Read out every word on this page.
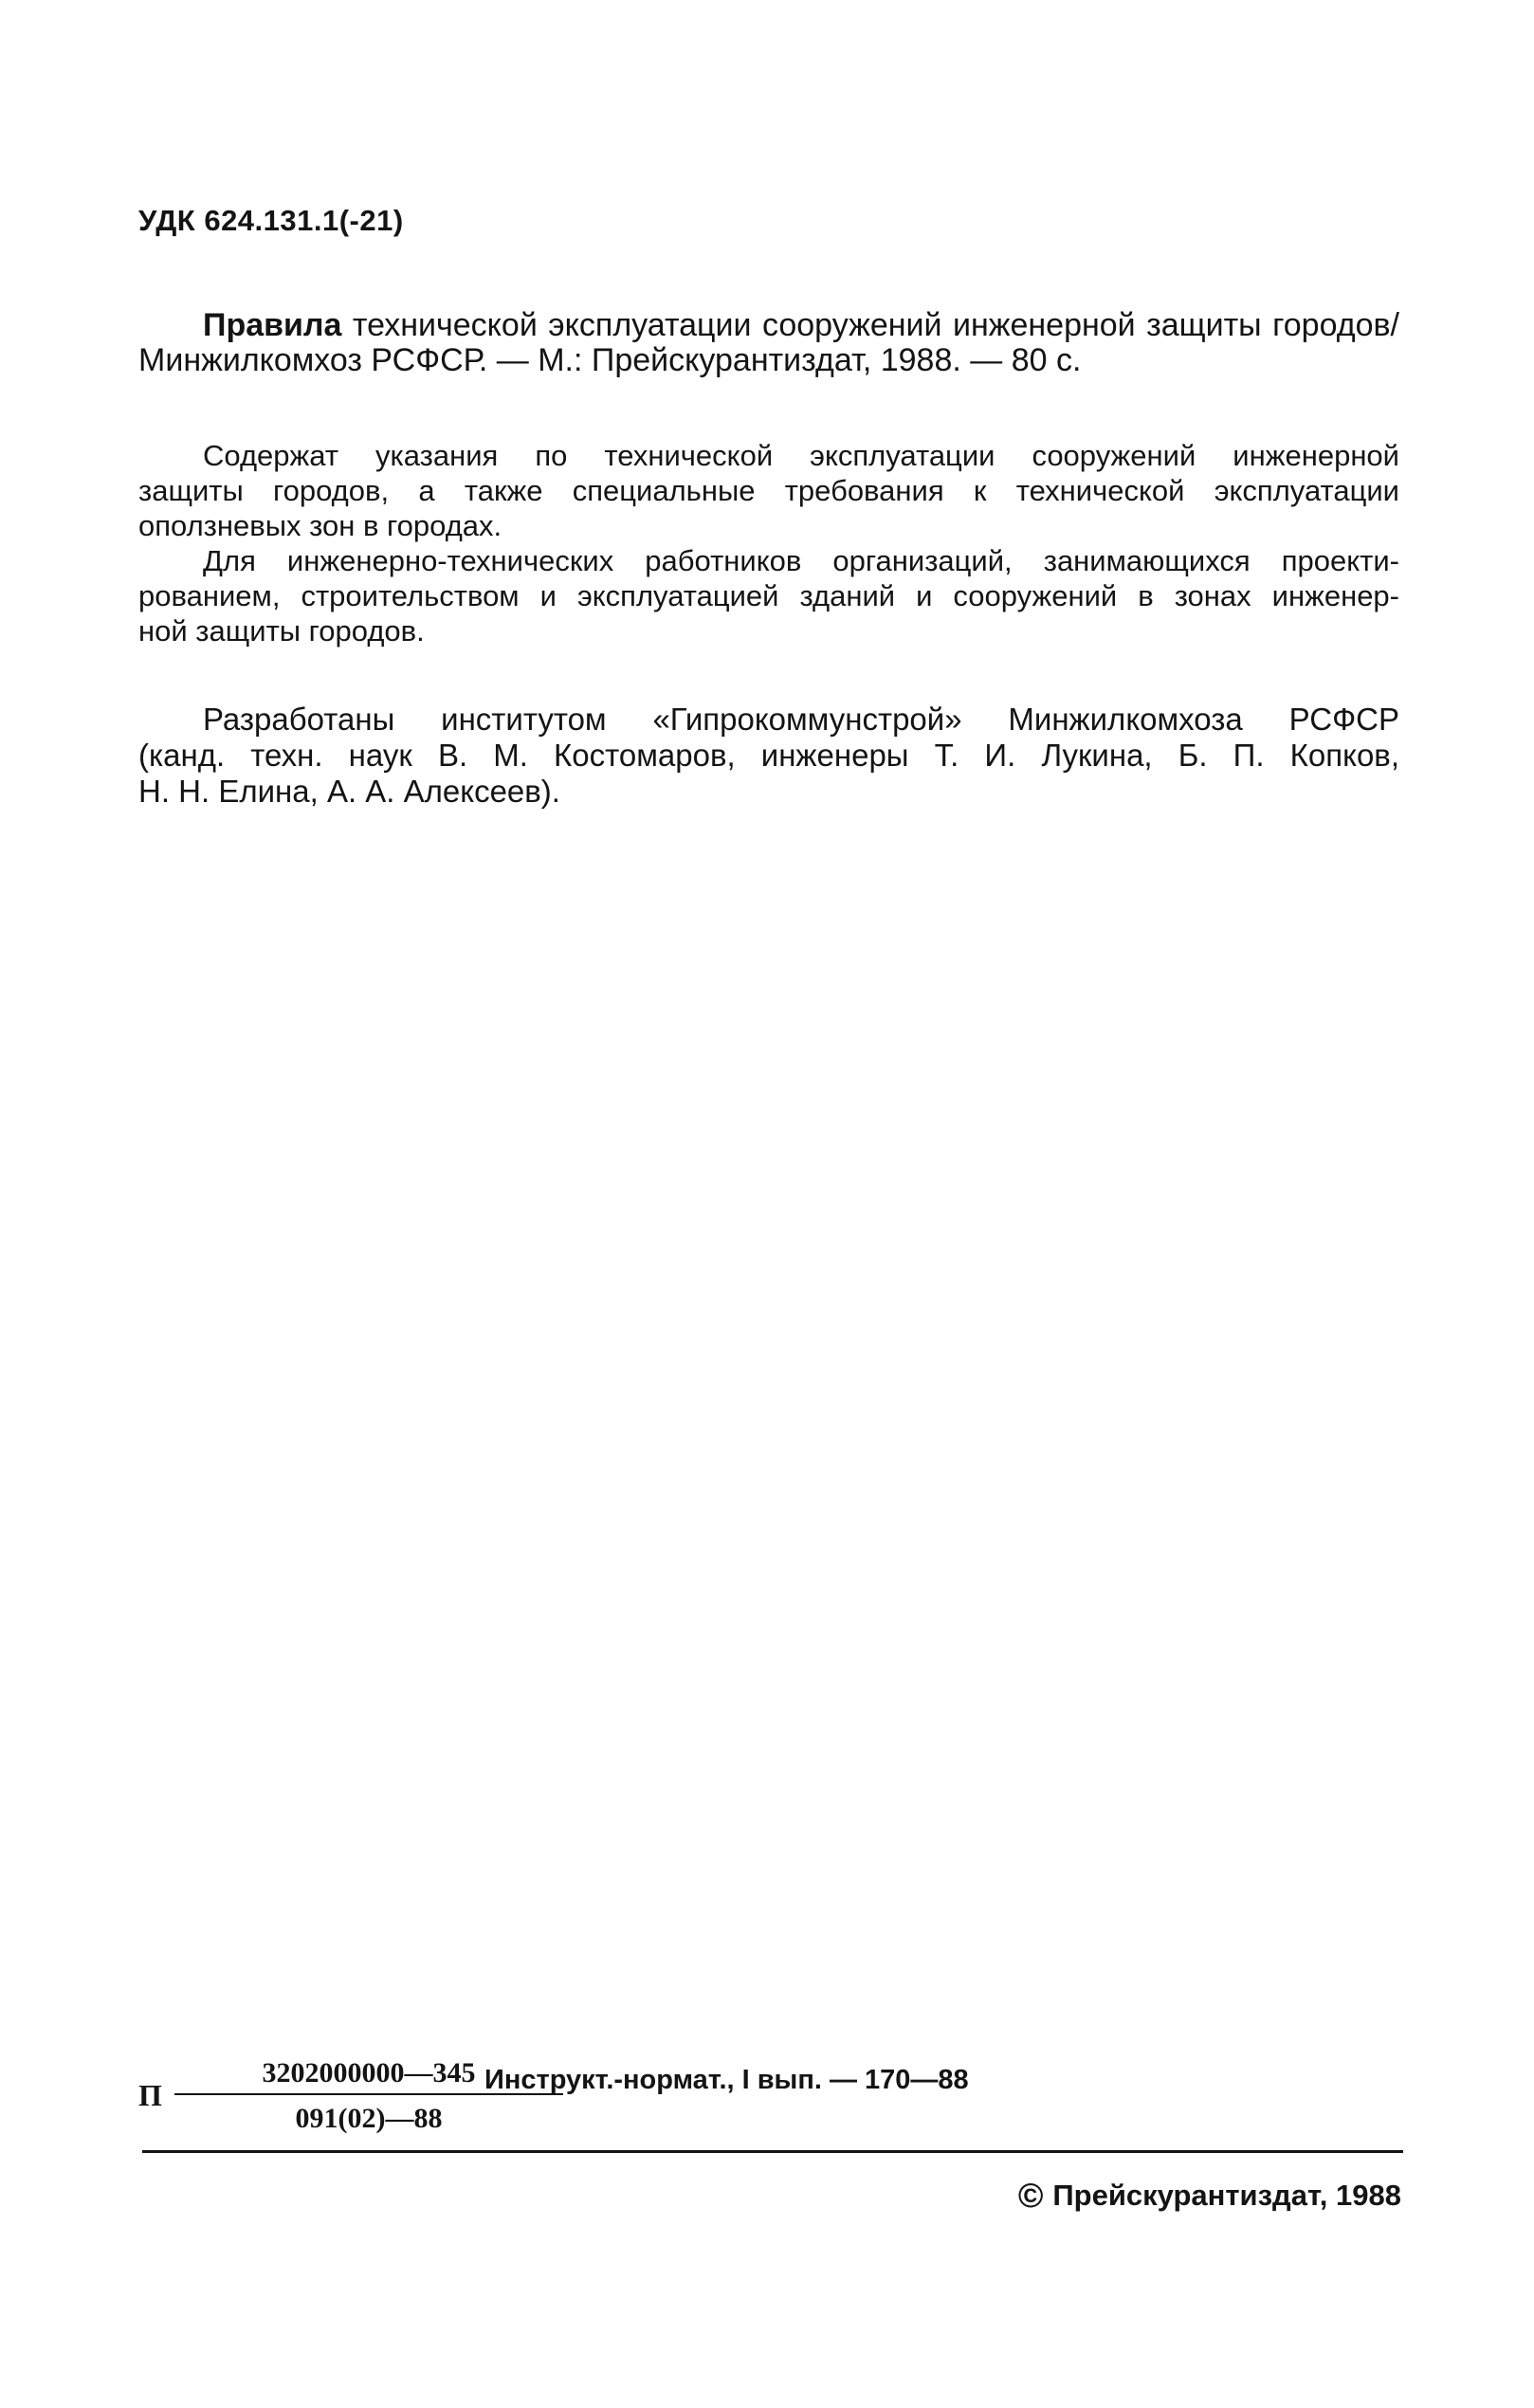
УДК 624.131.1(-21)
Правила технической эксплуатации сооружений инженерной защиты городов/
Минжилкомхоз РСФСР. — М.: Прейскурантиздат, 1988. — 80 с.
Содержат указания по технической эксплуатации сооружений инженерной
защиты городов, а также специальные требования к технической эксплуатации
оползневых зон в городах.
Для инженерно-технических работников организаций, занимающихся проекти-
рованием, строительством и эксплуатацией зданий и сооружений в зонах инженер-
ной защиты городов.
Разработаны институтом «Гипрокоммунстрой» Минжилкомхоза РСФСР
(канд. техн. наук В. М. Костомаров, инженеры Т. И. Лукина, Б. П. Копков,
Н. Н. Елина, А. А. Алексеев).
П $\frac{3202000000—345}{091(02)—88}$
Инструкт.-нормат., I вып. — 170—88
© Прейскурантиздат, 1988
